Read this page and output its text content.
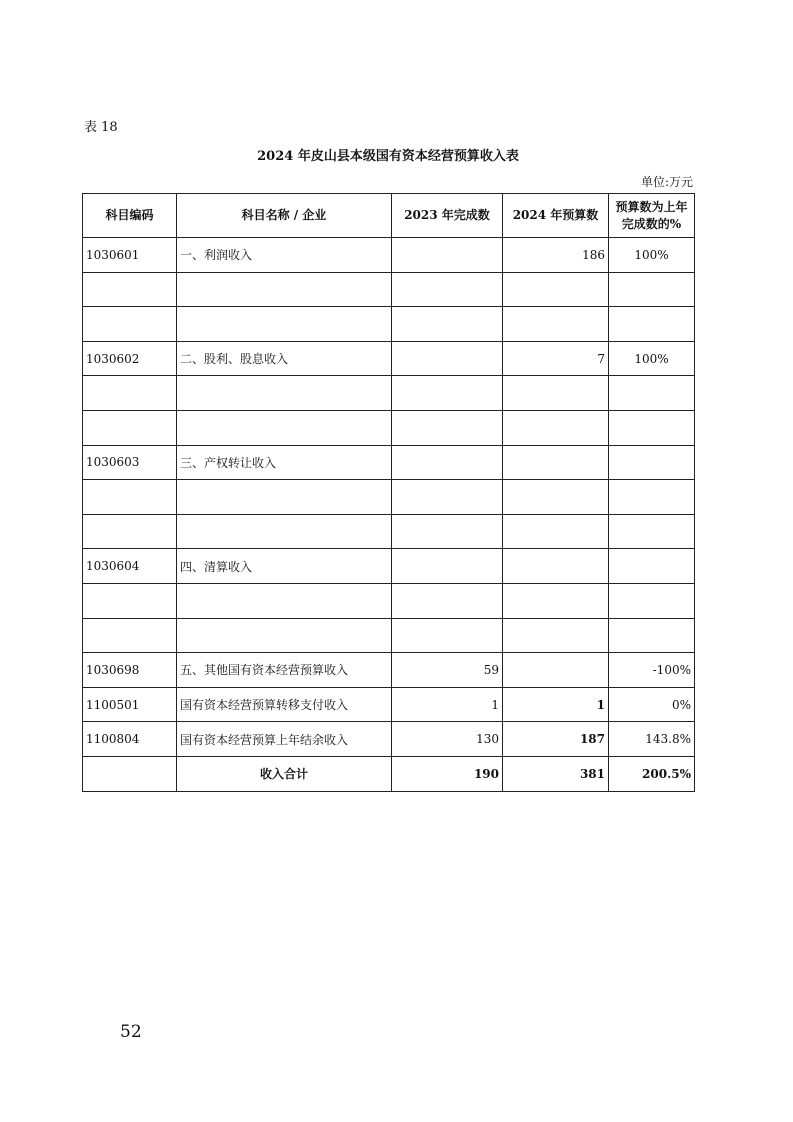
表 18
2024 年皮山县本级国有资本经营预算收入表
单位:万元
科目编码	科目名称 / 企业	2023 年完成数	2024 年预算数	预算数为上年完成数的%
1030601	一、利润收入		186	100%

1030602	二、股利、股息收入		7	100%

1030603	三、产权转让收入			

1030604	四、清算收入			

1030698	五、其他国有资本经营预算收入	59		-100%
1100501	国有资本经营预算转移支付收入	1	1	0%
1100804	国有资本经营预算上年结余收入	130	187	143.8%
	收入合计	190	381	200.5%
52
